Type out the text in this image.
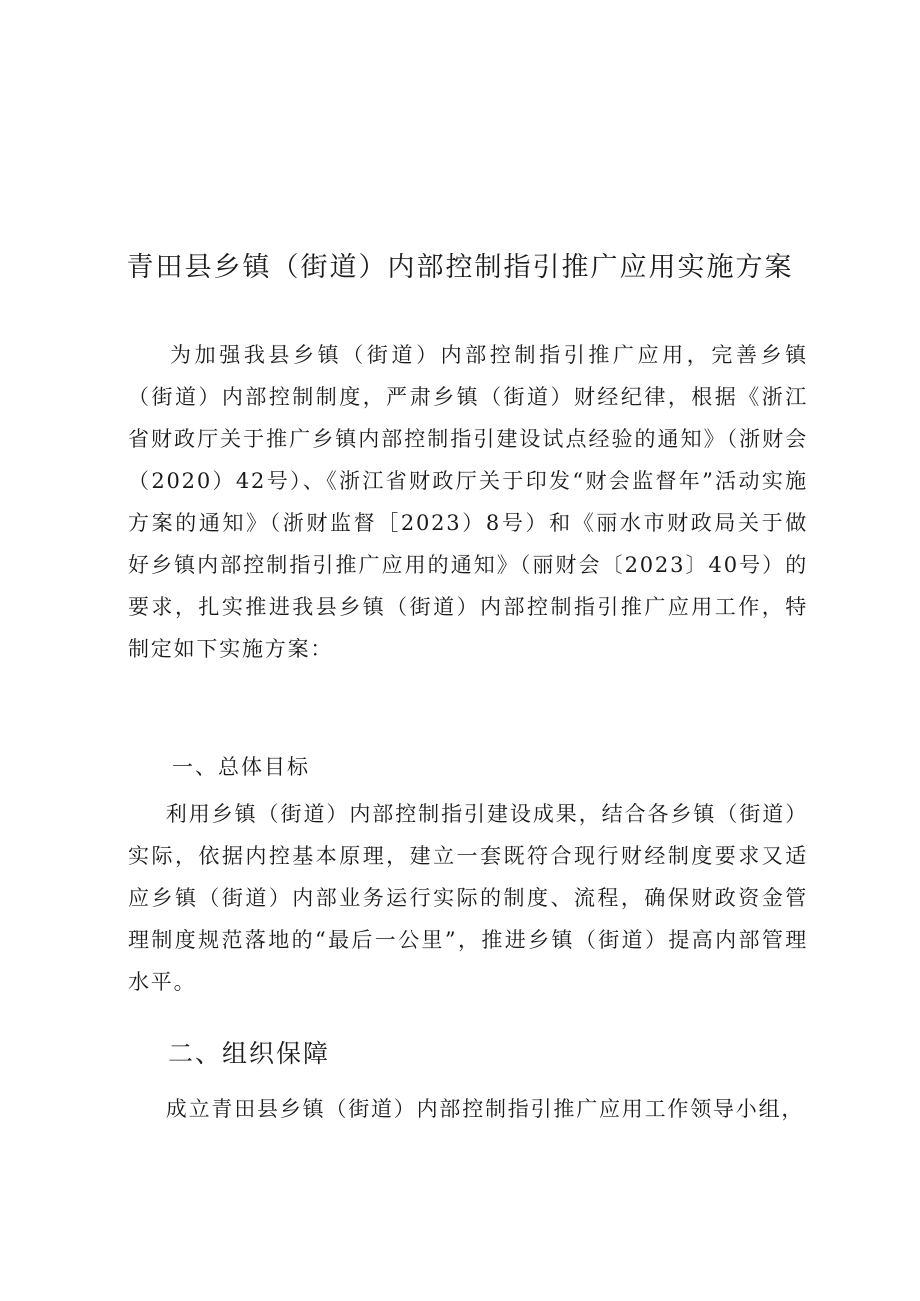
青田县乡镇（街道）内部控制指引推广应用实施方案
为加强我县乡镇（街道）内部控制指引推广应用，完善乡镇（街道）内部控制制度，严肃乡镇（街道）财经纪律，根据《浙江省财政厅关于推广乡镇内部控制指引建设试点经验的通知》（浙财会（2020）42号）、《浙江省财政厅关于印发“财会监督年”活动实施方案的通知》（浙财监督［2023）8号）和《丽水市财政局关于做好乡镇内部控制指引推广应用的通知》（丽财会〔2023〕40号）的要求，扎实推进我县乡镇（街道）内部控制指引推广应用工作，特制定如下实施方案：
一、总体目标
利用乡镇（街道）内部控制指引建设成果，结合各乡镇（街道）实际，依据内控基本原理，建立一套既符合现行财经制度要求又适应乡镇（街道）内部业务运行实际的制度、流程，确保财政资金管理制度规范落地的“最后一公里”，推进乡镇（街道）提高内部管理水平。
二、组织保障
成立青田县乡镇（街道）内部控制指引推广应用工作领导小组，
